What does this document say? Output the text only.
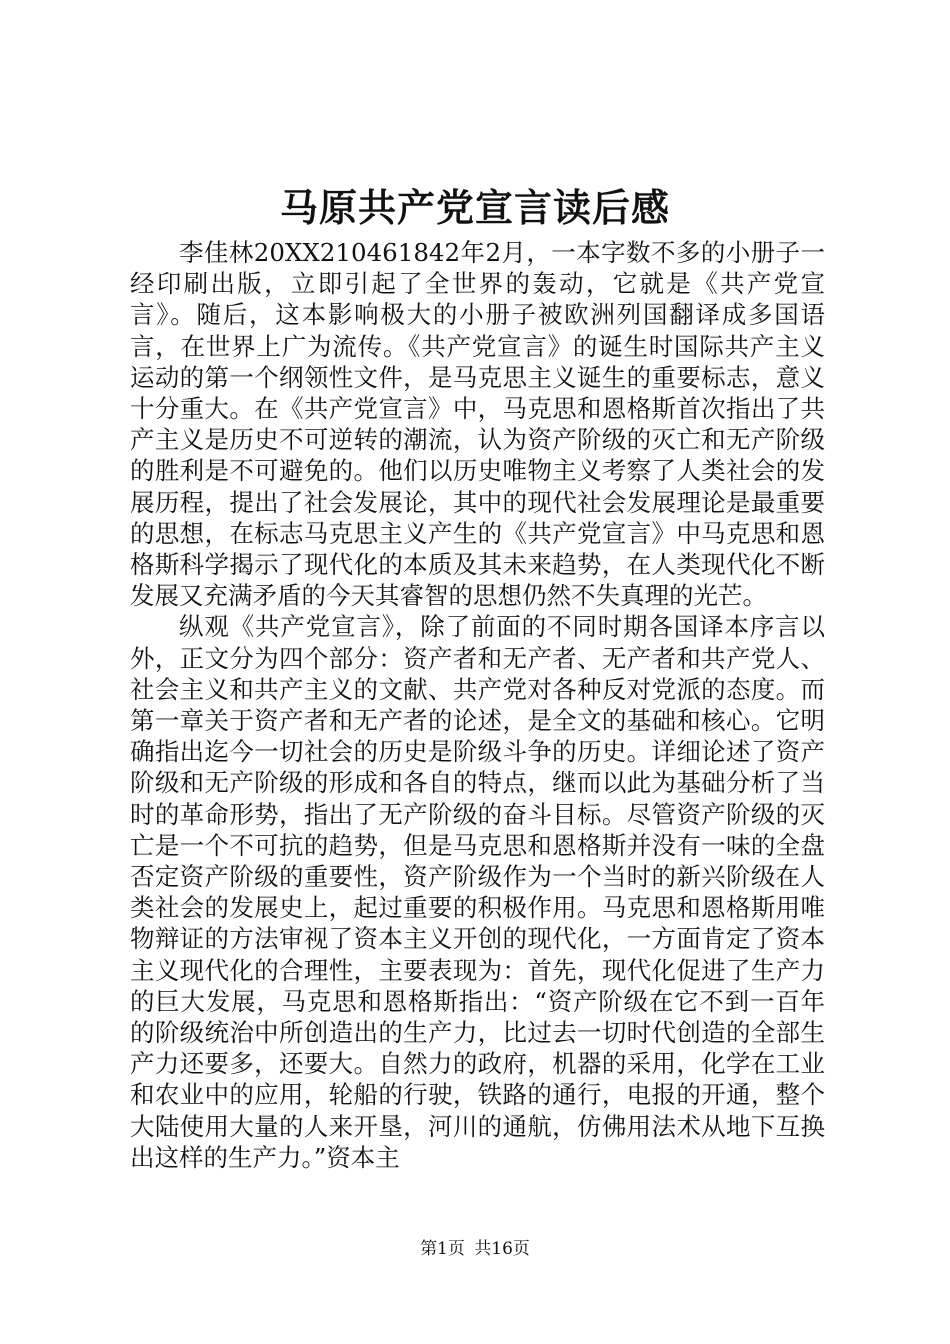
马原共产党宣言读后感

李佳林20XX210461842年2月，一本字数不多的小册子一经印刷出版，立即引起了全世界的轰动，它就是《共产党宣言》。随后，这本影响极大的小册子被欧洲列国翻译成多国语言，在世界上广为流传。《共产党宣言》的诞生时国际共产主义运动的第一个纲领性文件，是马克思主义诞生的重要标志，意义十分重大。在《共产党宣言》中，马克思和恩格斯首次指出了共产主义是历史不可逆转的潮流，认为资产阶级的灭亡和无产阶级的胜利是不可避免的。他们以历史唯物主义考察了人类社会的发展历程，提出了社会发展论，其中的现代社会发展理论是最重要的思想，在标志马克思主义产生的《共产党宣言》中马克思和恩格斯科学揭示了现代化的本质及其未来趋势，在人类现代化不断发展又充满矛盾的今天其睿智的思想仍然不失真理的光芒。

纵观《共产党宣言》，除了前面的不同时期各国译本序言以外，正文分为四个部分：资产者和无产者、无产者和共产党人、社会主义和共产主义的文献、共产党对各种反对党派的态度。而第一章关于资产者和无产者的论述，是全文的基础和核心。它明确指出迄今一切社会的历史是阶级斗争的历史。详细论述了资产阶级和无产阶级的形成和各自的特点，继而以此为基础分析了当时的革命形势，指出了无产阶级的奋斗目标。尽管资产阶级的灭亡是一个不可抗的趋势，但是马克思和恩格斯并没有一味的全盘否定资产阶级的重要性，资产阶级作为一个当时的新兴阶级在人类社会的发展史上，起过重要的积极作用。马克思和恩格斯用唯物辩证的方法审视了资本主义开创的现代化，一方面肯定了资本主义现代化的合理性，主要表现为：首先，现代化促进了生产力的巨大发展，马克思和恩格斯指出：“资产阶级在它不到一百年的阶级统治中所创造出的生产力，比过去一切时代创造的全部生产力还要多，还要大。自然力的政府，机器的采用，化学在工业和农业中的应用，轮船的行驶，铁路的通行，电报的开通，整个大陆使用大量的人来开垦，河川的通航，仿佛用法术从地下互换出这样的生产力。”资本主

第1页 共16页
